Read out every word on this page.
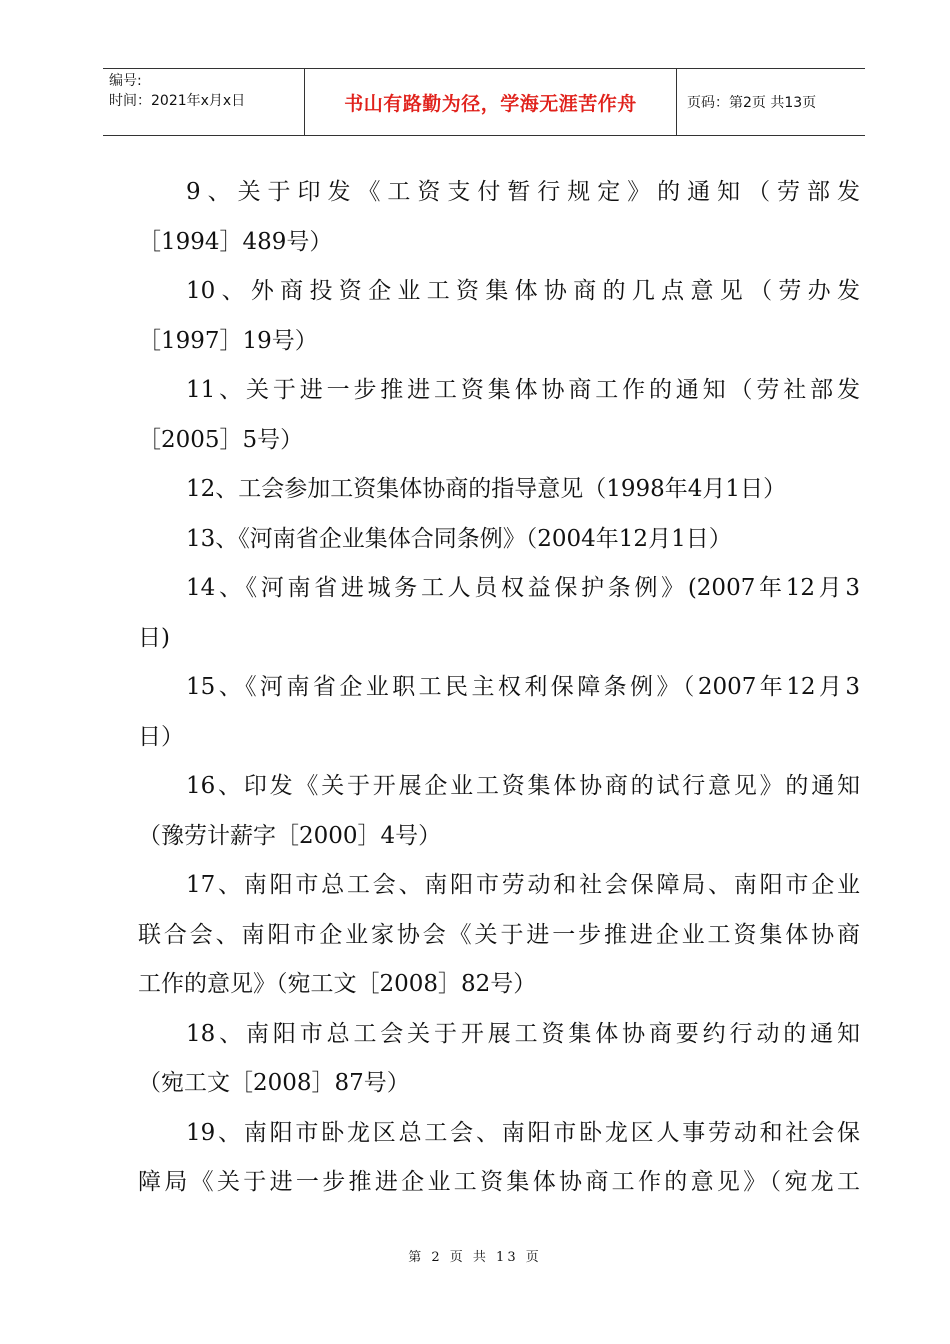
编号:
时间：2021年x月x日	书山有路勤为径，学海无涯苦作舟	页码：第2页 共13页
9、关于印发《工资支付暂行规定》的通知（劳部发
［1994］489号）
10、外商投资企业工资集体协商的几点意见（劳办发
［1997］19号）
11、关于进一步推进工资集体协商工作的通知（劳社部发
［2005］5号）
12、工会参加工资集体协商的指导意见（1998年4月1日）
13、《河南省企业集体合同条例》（2004年12月1日）
14、《河南省进城务工人员权益保护条例》(2007年12月3
日)
15、《河南省企业职工民主权利保障条例》（2007年12月3
日）
16、印发《关于开展企业工资集体协商的试行意见》的通知
（豫劳计薪字［2000］4号）
17、南阳市总工会、南阳市劳动和社会保障局、南阳市企业
联合会、南阳市企业家协会《关于进一步推进企业工资集体协商
工作的意见》（宛工文［2008］82号）
18、南阳市总工会关于开展工资集体协商要约行动的通知
（宛工文［2008］87号）
19、南阳市卧龙区总工会、南阳市卧龙区人事劳动和社会保
障局《关于进一步推进企业工资集体协商工作的意见》（宛龙工
第 2 页 共 13 页
